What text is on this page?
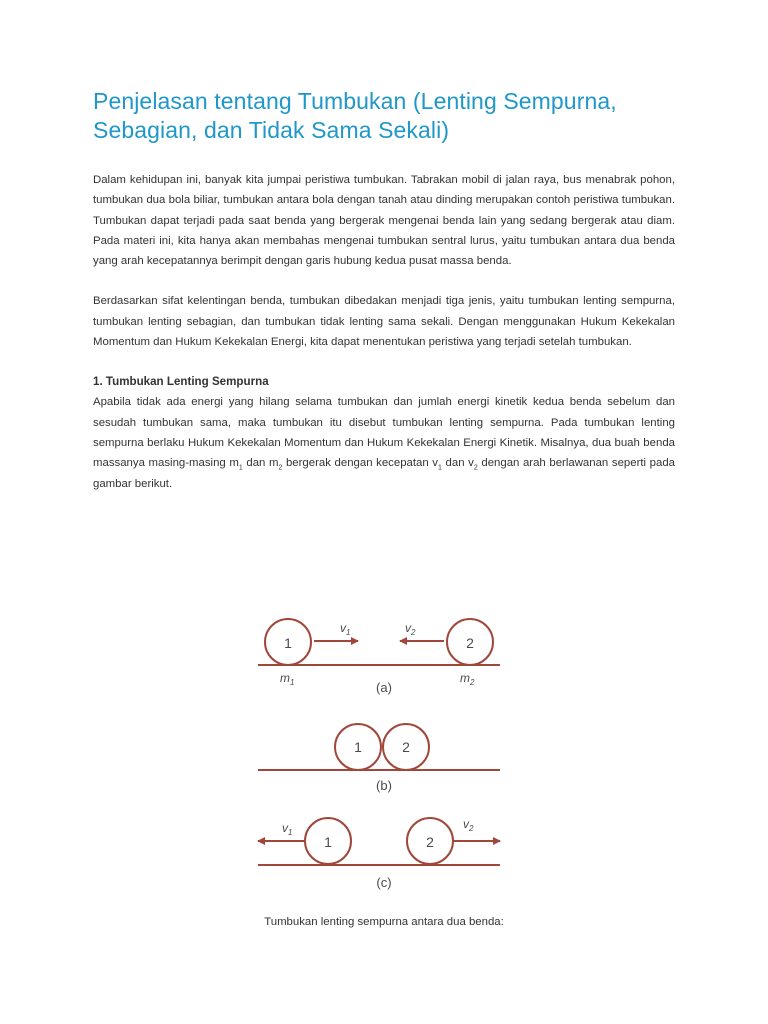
Penjelasan tentang Tumbukan (Lenting Sempurna, Sebagian, dan Tidak Sama Sekali)

Dalam kehidupan ini, banyak kita jumpai peristiwa tumbukan. Tabrakan mobil di jalan raya, bus menabrak pohon, tumbukan dua bola biliar, tumbukan antara bola dengan tanah atau dinding merupakan contoh peristiwa tumbukan. Tumbukan dapat terjadi pada saat benda yang bergerak mengenai benda lain yang sedang bergerak atau diam. Pada materi ini, kita hanya akan membahas mengenai tumbukan sentral lurus, yaitu tumbukan antara dua benda yang arah kecepatannya berimpit dengan garis hubung kedua pusat massa benda.

Berdasarkan sifat kelentingan benda, tumbukan dibedakan menjadi tiga jenis, yaitu tumbukan lenting sempurna, tumbukan lenting sebagian, dan tumbukan tidak lenting sama sekali. Dengan menggunakan Hukum Kekekalan Momentum dan Hukum Kekekalan Energi, kita dapat menentukan peristiwa yang terjadi setelah tumbukan.

1. Tumbukan Lenting Sempurna

Apabila tidak ada energi yang hilang selama tumbukan dan jumlah energi kinetik kedua benda sebelum dan sesudah tumbukan sama, maka tumbukan itu disebut tumbukan lenting sempurna. Pada tumbukan lenting sempurna berlaku Hukum Kekekalan Momentum dan Hukum Kekekalan Energi Kinetik. Misalnya, dua buah benda massanya masing-masing $m_1$ dan $m_2$ bergerak dengan kecepatan $v_1$ dan $v_2$ dengan arah berlawanan seperti pada gambar berikut.

1	2
$v_1$	$v_2$
$m_1$	$m_2$
(a)
1	2
(b)
1	2
$v_1$
$v_2$
(c)
Tumbukan lenting sempurna antara dua benda:
